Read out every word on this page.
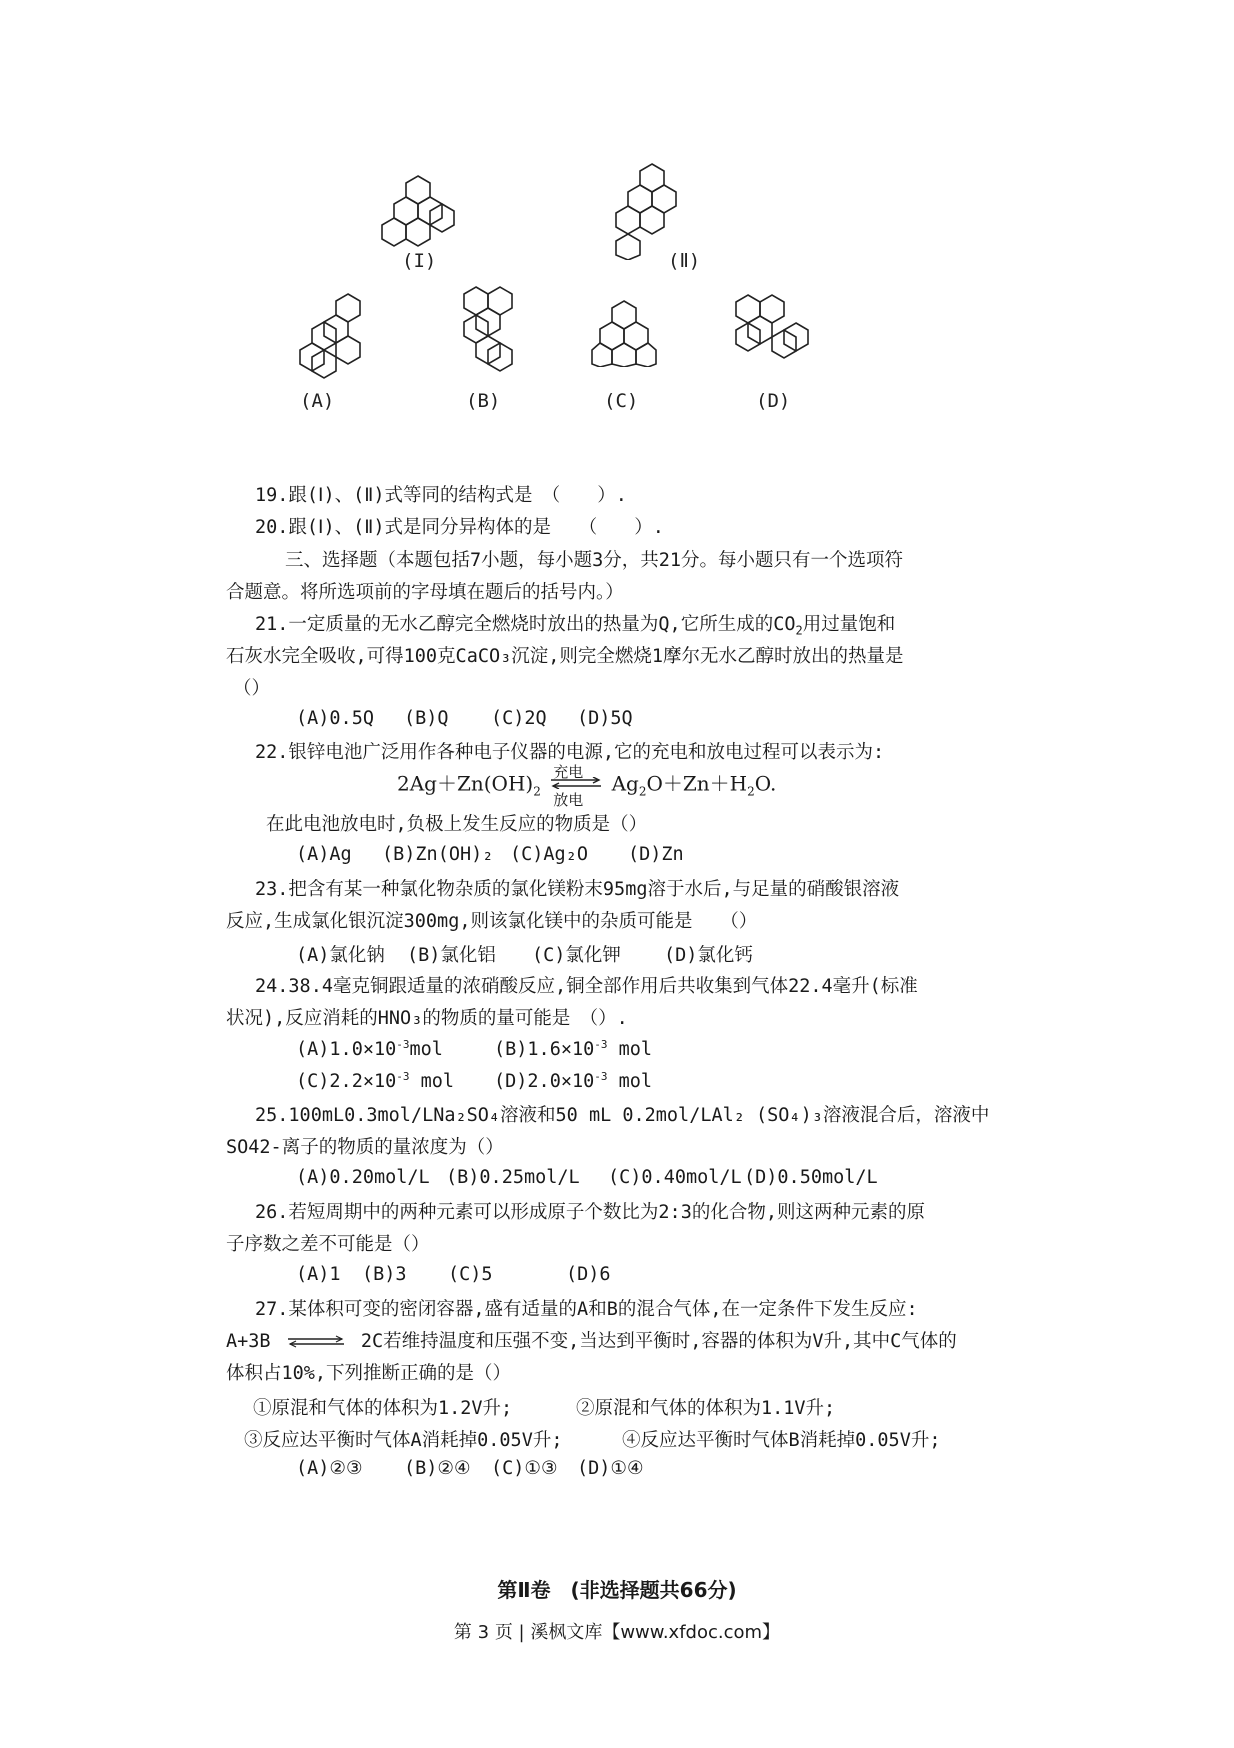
(I)	(Ⅱ)
(A)	(B)	(C)	(D)
19.跟(Ⅰ)、(Ⅱ)式等同的结构式是　（　　）.
20.跟(Ⅰ)、(Ⅱ)式是同分异构体的是　　（　　）.
三、选择题（本题包括7小题，每小题3分，共21分。每小题只有一个选项符
合题意。将所选项前的字母填在题后的括号内。）
21.一定质量的无水乙醇完全燃烧时放出的热量为Q,它所生成的$CO_2$用过量饱和
石灰水完全吸收,可得100克CaCO₃沉淀,则完全燃烧1摩尔无水乙醇时放出的热量是
（）
(A)0.5Q (B)Q (C)2Q (D)5Q
22.银锌电池广泛用作各种电子仪器的电源,它的充电和放电过程可以表示为:
$2Ag+Zn(OH)_2$
充电
放电
$Ag_2O+Zn+H_2O$.
在此电池放电时,负极上发生反应的物质是（）
(A)Ag (B)Zn(OH)₂ (C)Ag₂O (D)Zn
23.把含有某一种氯化物杂质的氯化镁粉末95mg溶于水后,与足量的硝酸银溶液
反应,生成氯化银沉淀300mg,则该氯化镁中的杂质可能是　　（）
(A)氯化钠 (B)氯化铝 (C)氯化钾 (D)氯化钙
24.38.4毫克铜跟适量的浓硝酸反应,铜全部作用后共收集到气体22.4毫升(标准
状况),反应消耗的HNO₃的物质的量可能是　（）.
$(A)1.0\times 10^{-3}mol$	$(B)1.6\times 10^{-3}$ mol
$(C)2.2\times 10^{-3}$ mol $(D)2.0\times 10^{-3}$ mol
25.100mL0.3mol/LNa₂SO₄溶液和50 mL 0.2mol/LAl₂ (SO₄)₃溶液混合后，溶液中
SO42-离子的物质的量浓度为（）
(A)0.20mol/L (B)0.25mol/L (C)0.40mol/L (D)0.50mol/L
26.若短周期中的两种元素可以形成原子个数比为2:3的化合物,则这两种元素的原
子序数之差不可能是（）
(A)1 (B)3 (C)5	(D)6
27.某体积可变的密闭容器,盛有适量的A和B的混合气体,在一定条件下发生反应:
A+3B ⇌ 2C若维持温度和压强不变,当达到平衡时,容器的体积为V升,其中C气体的
体积占10%,下列推断正确的是（）
①原混和气体的体积为1.2V升;	②原混和气体的体积为1.1V升;
③反应达平衡时气体A消耗掉0.05V升;	④反应达平衡时气体B消耗掉0.05V升;
(A)②③ (B)②④ (C)①③ (D)①④
第Ⅱ卷　(非选择题共66分)
第 3 页 | 溪枫文库【www.xfdoc.com】
